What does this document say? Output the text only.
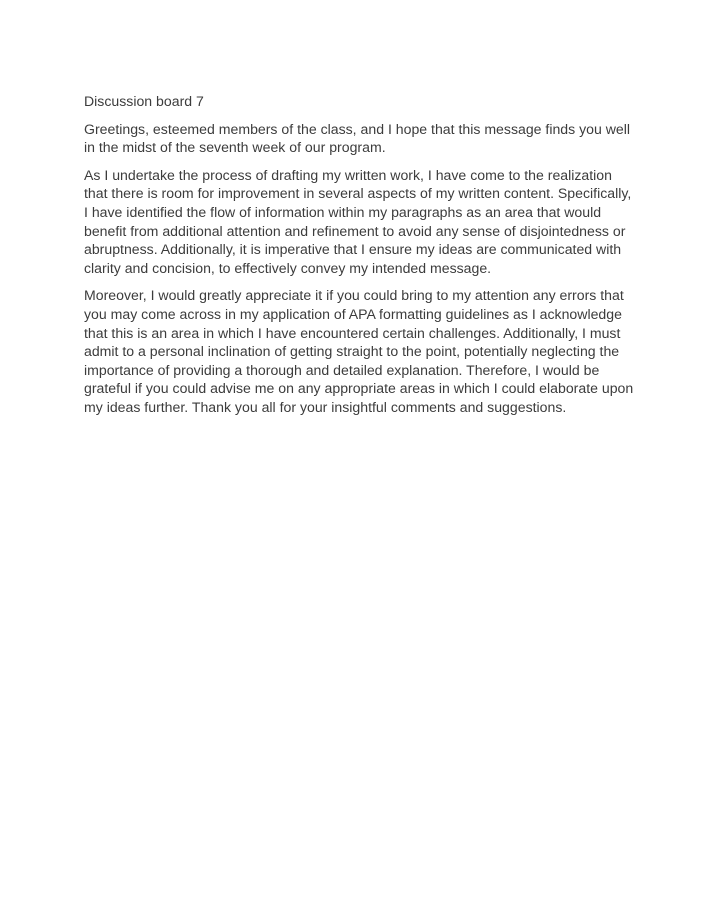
Discussion board 7

Greetings, esteemed members of the class, and I hope that this message finds you well in the midst of the seventh week of our program.

As I undertake the process of drafting my written work, I have come to the realization that there is room for improvement in several aspects of my written content. Specifically, I have identified the flow of information within my paragraphs as an area that would benefit from additional attention and refinement to avoid any sense of disjointedness or abruptness. Additionally, it is imperative that I ensure my ideas are communicated with clarity and concision, to effectively convey my intended message.

Moreover, I would greatly appreciate it if you could bring to my attention any errors that you may come across in my application of APA formatting guidelines as I acknowledge that this is an area in which I have encountered certain challenges. Additionally, I must admit to a personal inclination of getting straight to the point, potentially neglecting the importance of providing a thorough and detailed explanation. Therefore, I would be grateful if you could advise me on any appropriate areas in which I could elaborate upon my ideas further. Thank you all for your insightful comments and suggestions.
